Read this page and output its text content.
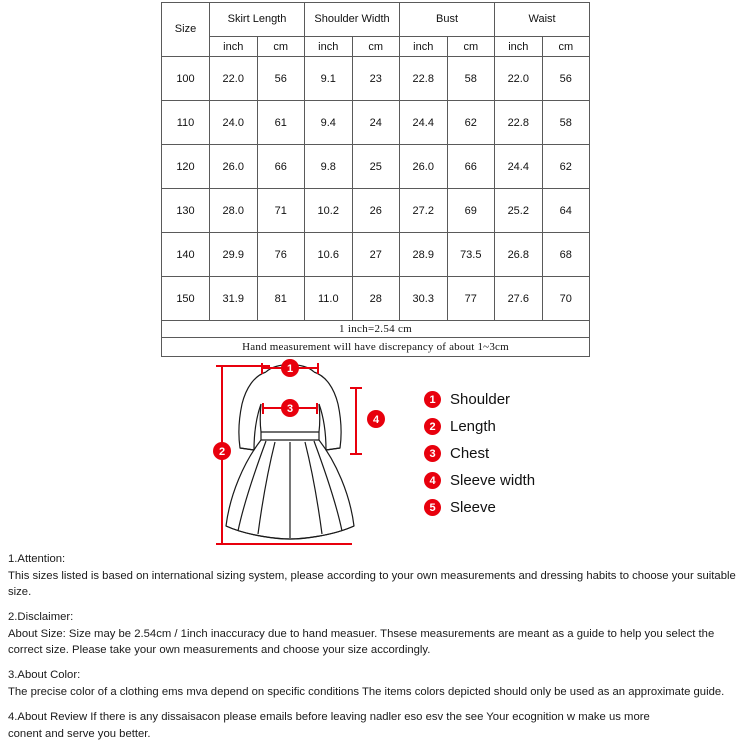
Size	Skirt Length		Shoulder Width		Bust		Waist	
	inch	cm	inch	cm	inch	cm	inch	cm
100	22.0	56	9.1	23	22.8	58	22.0	56
110	24.0	61	9.4	24	24.4	62	22.8	58
120	26.0	66	9.8	25	26.0	66	24.4	62
130	28.0	71	10.2	26	27.2	69	25.2	64
140	29.9	76	10.6	27	28.9	73.5	26.8	68
150	31.9	81	11.0	28	30.3	77	27.6	70
1 inch=2.54 cm								
Hand measurement will have discrepancy of about 1~3cm								
1
2
3
4
1 Shoulder
2 Length
3 Chest
4 Sleeve width
5 Sleeve

1.Attention:

This sizes listed is based on international sizing system, please according to your own measurements and dressing habits to choose your suitable size.

2.Disclaimer:

About Size: Size may be 2.54cm / 1inch inaccuracy due to hand measuer. Thsese measurements are meant as a guide to help you select the correct size. Please take your own measurements and choose your size accordingly.

3.About Color:

The precise color of a clothing ems mva depend on specific conditions The items colors depicted should only be used as an approximate guide.

4.About Review If there is any dissaisacon please emails before leaving nadler eso esv the see Your ecognition w make us more

conent and serve you better.
